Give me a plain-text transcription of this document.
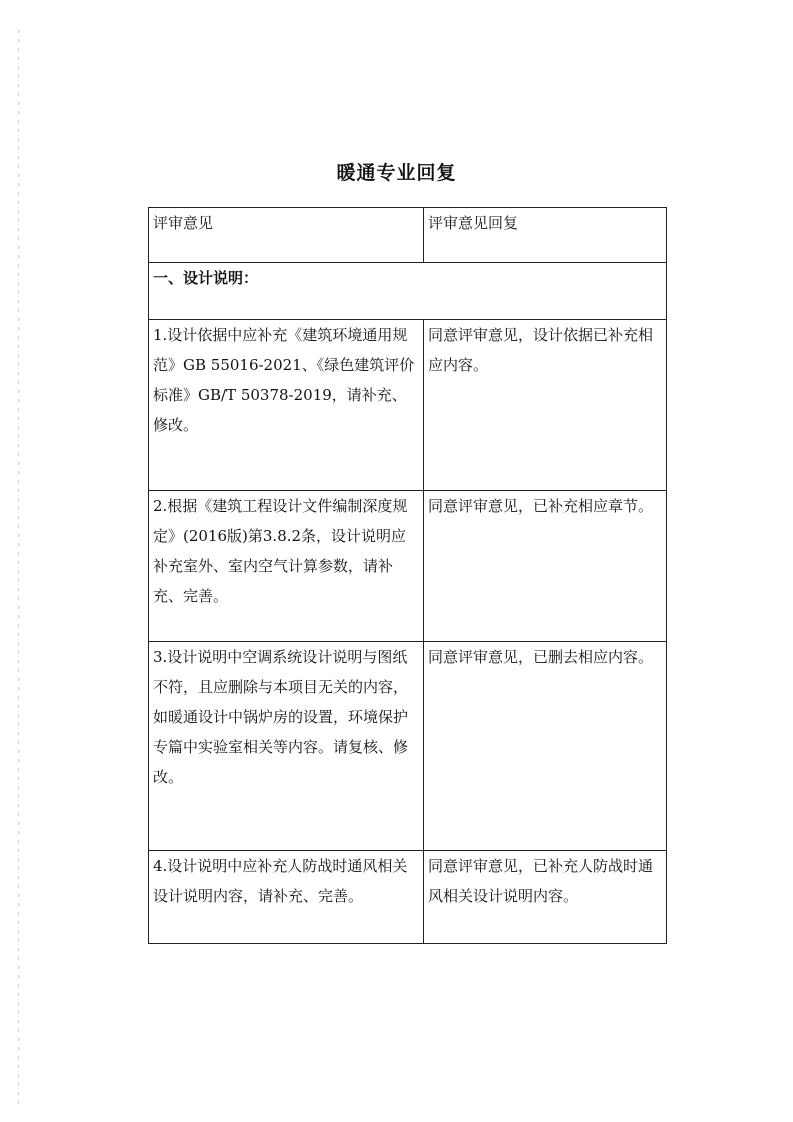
暖通专业回复
评审意见	评审意见回复
一、设计说明：	
1.设计依据中应补充《建筑环境通用规范》GB 55016-2021、《绿色建筑评价标准》GB/T 50378-2019，请补充、修改。	同意评审意见，设计依据已补充相应内容。
2.根据《建筑工程设计文件编制深度规定》(2016版)第3.8.2条，设计说明应补充室外、室内空气计算参数，请补充、完善。	同意评审意见，已补充相应章节。
3.设计说明中空调系统设计说明与图纸不符，且应删除与本项目无关的内容，如暖通设计中锅炉房的设置，环境保护专篇中实验室相关等内容。请复核、修改。	同意评审意见，已删去相应内容。
4.设计说明中应补充人防战时通风相关设计说明内容，请补充、完善。	同意评审意见，已补充人防战时通风相关设计说明内容。
